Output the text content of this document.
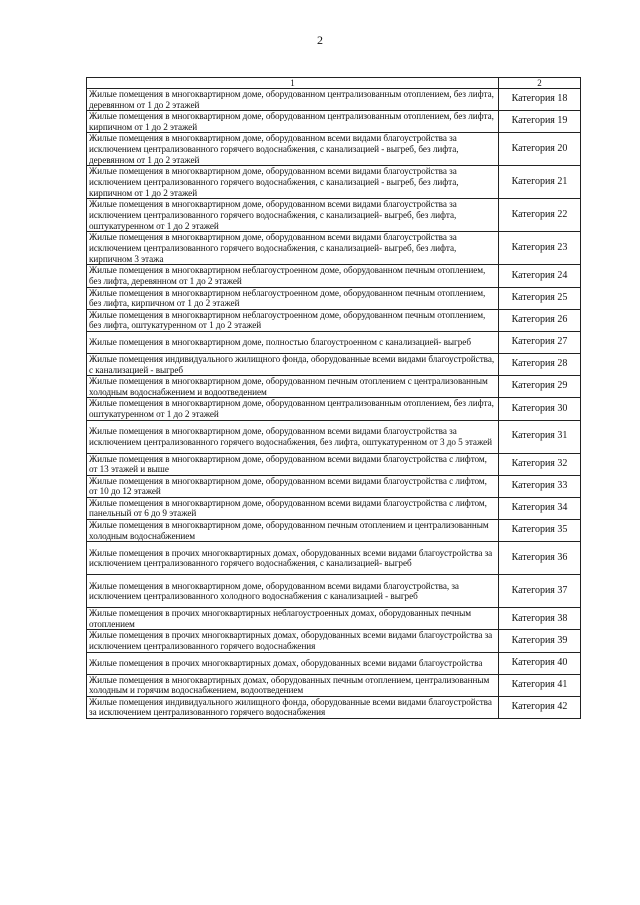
2
1	2
Жилые помещения в многоквартирном доме, оборудованном централизованным отоплением, без лифта, деревянном от 1 до 2 этажей	Категория 18
Жилые помещения в многоквартирном доме, оборудованном централизованным отоплением, без лифта, кирпичном от 1 до 2 этажей	Категория 19
Жилые помещения в многоквартирном доме, оборудованном всеми видами благоустройства за исключением централизованного горячего водоснабжения, с канализацией - выгреб, без лифта, деревянном от 1 до 2 этажей	Категория 20
Жилые помещения в многоквартирном доме, оборудованном всеми видами благоустройства за исключением централизованного горячего водоснабжения, с канализацией - выгреб, без лифта, кирпичном от 1 до 2 этажей	Категория 21
Жилые помещения в многоквартирном доме, оборудованном всеми видами благоустройства за исключением централизованного горячего водоснабжения, с канализацией- выгреб, без лифта, оштукатуренном от 1 до 2 этажей	Категория 22
Жилые помещения в многоквартирном доме, оборудованном всеми видами благоустройства за исключением централизованного горячего водоснабжения, с канализацией- выгреб, без лифта, кирпичном 3 этажа	Категория 23
Жилые помещения в многоквартирном неблагоустроенном доме, оборудованном печным отоплением, без лифта, деревянном от 1 до 2 этажей	Категория 24
Жилые помещения в многоквартирном неблагоустроенном доме, оборудованном печным отоплением, без лифта, кирпичном от 1 до 2 этажей	Категория 25
Жилые помещения в многоквартирном неблагоустроенном доме, оборудованном печным отоплением, без лифта, оштукатуренном от 1 до 2 этажей	Категория 26
Жилые помещения в многоквартирном доме, полностью благоустроенном с канализацией- выгреб	Категория 27
Жилые помещения индивидуального жилищного фонда, оборудованные всеми видами благоустройства, с канализацией - выгреб	Категория 28
Жилые помещения в многоквартирном доме, оборудованном печным отоплением с централизованным холодным водоснабжением и водоотведением	Категория 29
Жилые помещения в многоквартирном доме, оборудованном централизованным отоплением, без лифта, оштукатуренном от 1 до 2 этажей	Категория 30
Жилые помещения в многоквартирном доме, оборудованном всеми видами благоустройства за исключением централизованного горячего водоснабжения, без лифта, оштукатуренном от 3 до 5 этажей	Категория 31
Жилые помещения в многоквартирном доме, оборудованном всеми видами благоустройства с лифтом, от 13 этажей и выше	Категория 32
Жилые помещения в многоквартирном доме, оборудованном всеми видами благоустройства с лифтом, от 10 до 12 этажей	Категория 33
Жилые помещения в многоквартирном доме, оборудованном всеми видами благоустройства с лифтом, панельный от 6 до 9 этажей	Категория 34
Жилые помещения в многоквартирном доме, оборудованном печным отоплением и централизованным холодным водоснабжением	Категория 35
Жилые помещения в прочих многоквартирных домах, оборудованных всеми видами благоустройства за исключением централизованного горячего водоснабжения, с канализацией- выгреб	Категория 36
Жилые помещения в многоквартирном доме, оборудованном всеми видами благоустройства, за исключением централизованного холодного водоснабжения с канализацией - выгреб	Категория 37
Жилые помещения в прочих многоквартирных неблагоустроенных домах, оборудованных печным отоплением	Категория 38
Жилые помещения в прочих многоквартирных домах, оборудованных всеми видами благоустройства за исключением централизованного горячего водоснабжения	Категория 39
Жилые помещения в прочих многоквартирных домах, оборудованных всеми видами благоустройства	Категория 40
Жилые помещения в многоквартирных домах, оборудованных печным отоплением, централизованным холодным и горячим водоснабжением, водоотведением	Категория 41
Жилые помещения индивидуального жилищного фонда, оборудованные всеми видами благоустройства за исключением централизованного горячего водоснабжения	Категория 42
